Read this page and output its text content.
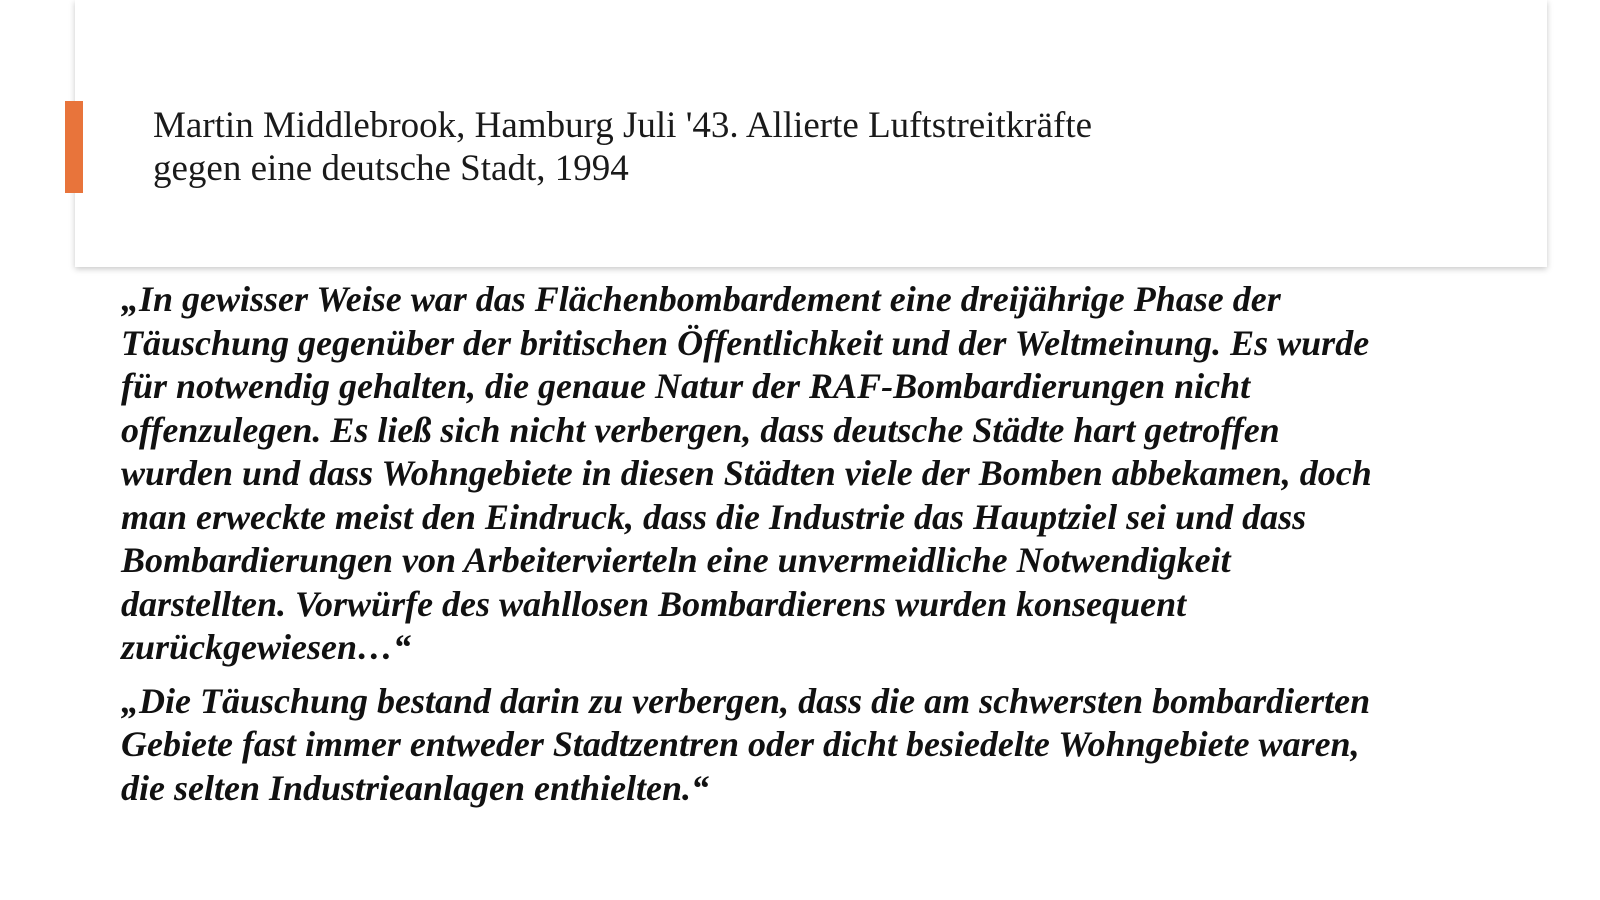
Martin Middlebrook, Hamburg Juli '43. Allierte Luftstreitkräfte
gegen eine deutsche Stadt, 1994

„In gewisser Weise war das Flächenbombardement eine dreijährige Phase der
Täuschung gegenüber der britischen Öffentlichkeit und der Weltmeinung. Es wurde
für notwendig gehalten, die genaue Natur der RAF-Bombardierungen nicht
offenzulegen. Es ließ sich nicht verbergen, dass deutsche Städte hart getroffen
wurden und dass Wohngebiete in diesen Städten viele der Bomben abbekamen, doch
man erweckte meist den Eindruck, dass die Industrie das Hauptziel sei und dass
Bombardierungen von Arbeitervierteln eine unvermeidliche Notwendigkeit
darstellten. Vorwürfe des wahllosen Bombardierens wurden konsequent
zurückgewiesen…“

„Die Täuschung bestand darin zu verbergen, dass die am schwersten bombardierten
Gebiete fast immer entweder Stadtzentren oder dicht besiedelte Wohngebiete waren,
die selten Industrieanlagen enthielten.“
